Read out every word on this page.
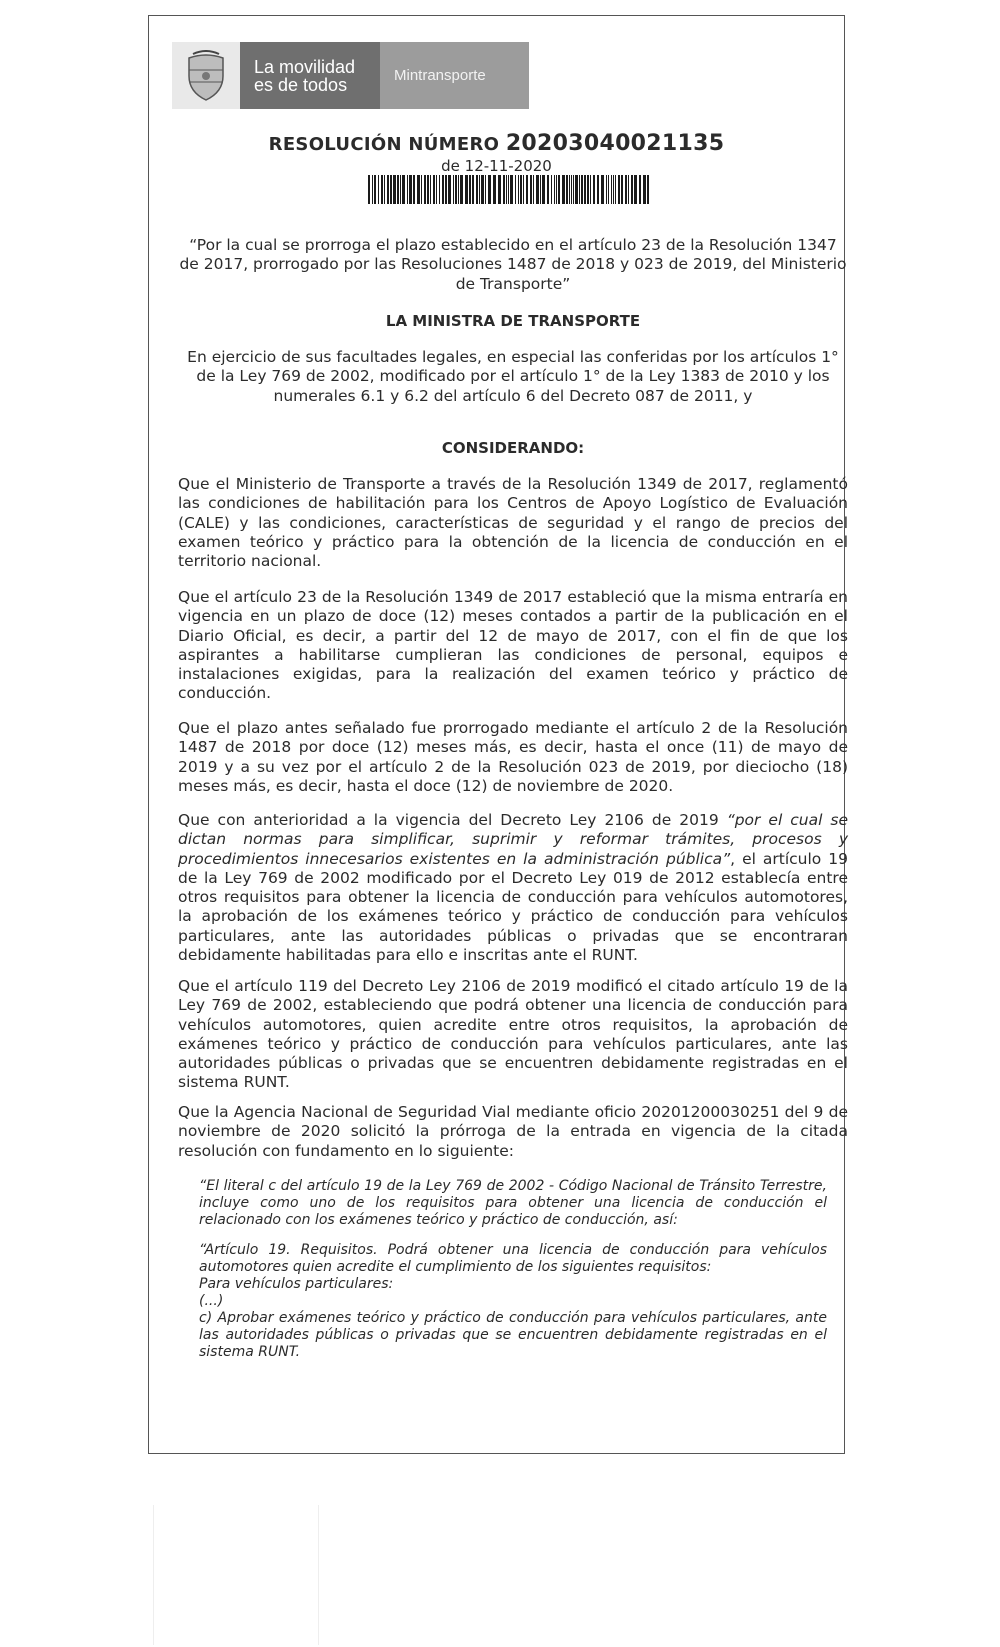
La movilidad
es de todos	Mintransporte
RESOLUCIÓN NÚMERO 20203040021135
de 12-11-2020
“Por la cual se prorroga el plazo establecido en el artículo 23 de la Resolución 1347 de 2017, prorrogado por las Resoluciones 1487 de 2018 y 023 de 2019, del Ministerio de Transporte”
LA MINISTRA DE TRANSPORTE
En ejercicio de sus facultades legales, en especial las conferidas por los artículos 1° de la Ley 769 de 2002, modificado por el artículo 1° de la Ley 1383 de 2010 y los numerales 6.1 y 6.2 del artículo 6 del Decreto 087 de 2011, y
CONSIDERANDO:
Que el Ministerio de Transporte a través de la Resolución 1349 de 2017, reglamentó las condiciones de habilitación para los Centros de Apoyo Logístico de Evaluación (CALE) y las condiciones, características de seguridad y el rango de precios del examen teórico y práctico para la obtención de la licencia de conducción en el territorio nacional.
Que el artículo 23 de la Resolución 1349 de 2017 estableció que la misma entraría en vigencia en un plazo de doce (12) meses contados a partir de la publicación en el Diario Oficial, es decir, a partir del 12 de mayo de 2017, con el fin de que los aspirantes a habilitarse cumplieran las condiciones de personal, equipos e instalaciones exigidas, para la realización del examen teórico y práctico de conducción.
Que el plazo antes señalado fue prorrogado mediante el artículo 2 de la Resolución 1487 de 2018 por doce (12) meses más, es decir, hasta el once (11) de mayo de 2019 y a su vez por el artículo 2 de la Resolución 023 de 2019, por dieciocho (18) meses más, es decir, hasta el doce (12) de noviembre de 2020.
Que con anterioridad a la vigencia del Decreto Ley 2106 de 2019 “por el cual se dictan normas para simplificar, suprimir y reformar trámites, procesos y procedimientos innecesarios existentes en la administración pública”, el artículo 19 de la Ley 769 de 2002 modificado por el Decreto Ley 019 de 2012 establecía entre otros requisitos para obtener la licencia de conducción para vehículos automotores, la aprobación de los exámenes teórico y práctico de conducción para vehículos particulares, ante las autoridades públicas o privadas que se encontraran debidamente habilitadas para ello e inscritas ante el RUNT.
Que el artículo 119 del Decreto Ley 2106 de 2019 modificó el citado artículo 19 de la Ley 769 de 2002, estableciendo que podrá obtener una licencia de conducción para vehículos automotores, quien acredite entre otros requisitos, la aprobación de exámenes teórico y práctico de conducción para vehículos particulares, ante las autoridades públicas o privadas que se encuentren debidamente registradas en el sistema RUNT.
Que la Agencia Nacional de Seguridad Vial mediante oficio 20201200030251 del 9 de noviembre de 2020 solicitó la prórroga de la entrada en vigencia de la citada resolución con fundamento en lo siguiente:
“El literal c del artículo 19 de la Ley 769 de 2002 - Código Nacional de Tránsito Terrestre, incluye como uno de los requisitos para obtener una licencia de conducción el relacionado con los exámenes teórico y práctico de conducción, así:
“Artículo 19. Requisitos. Podrá obtener una licencia de conducción para vehículos automotores quien acredite el cumplimiento de los siguientes requisitos:
Para vehículos particulares:
(...)
c) Aprobar exámenes teórico y práctico de conducción para vehículos particulares, ante las autoridades públicas o privadas que se encuentren debidamente registradas en el sistema RUNT.
